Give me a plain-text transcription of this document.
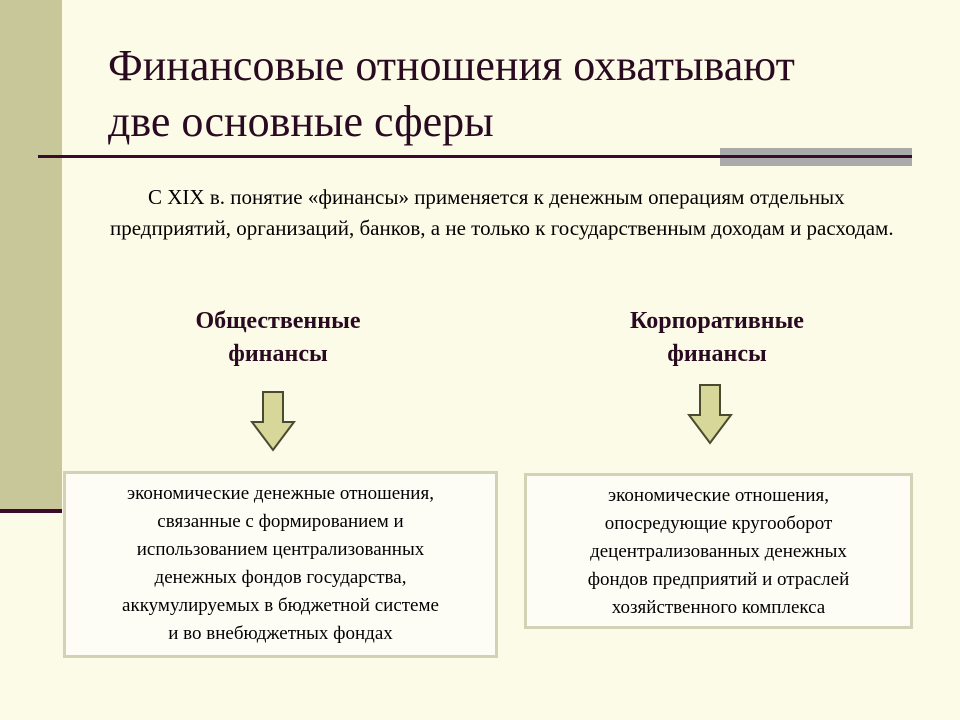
Финансовые отношения охватывают
две основные сферы

С XIX в. понятие «финансы» применяется к денежным операциям отдельных предприятий, организаций, банков, а не только к государственным доходам и расходам.

Общественные
финансы
Корпоративные
финансы
экономические денежные отношения,
связанные с формированием и
использованием централизованных
денежных фондов государства,
аккумулируемых в бюджетной системе
и во внебюджетных фондах
экономические отношения,
опосредующие кругооборот
децентрализованных денежных
фондов предприятий и отраслей
хозяйственного комплекса
